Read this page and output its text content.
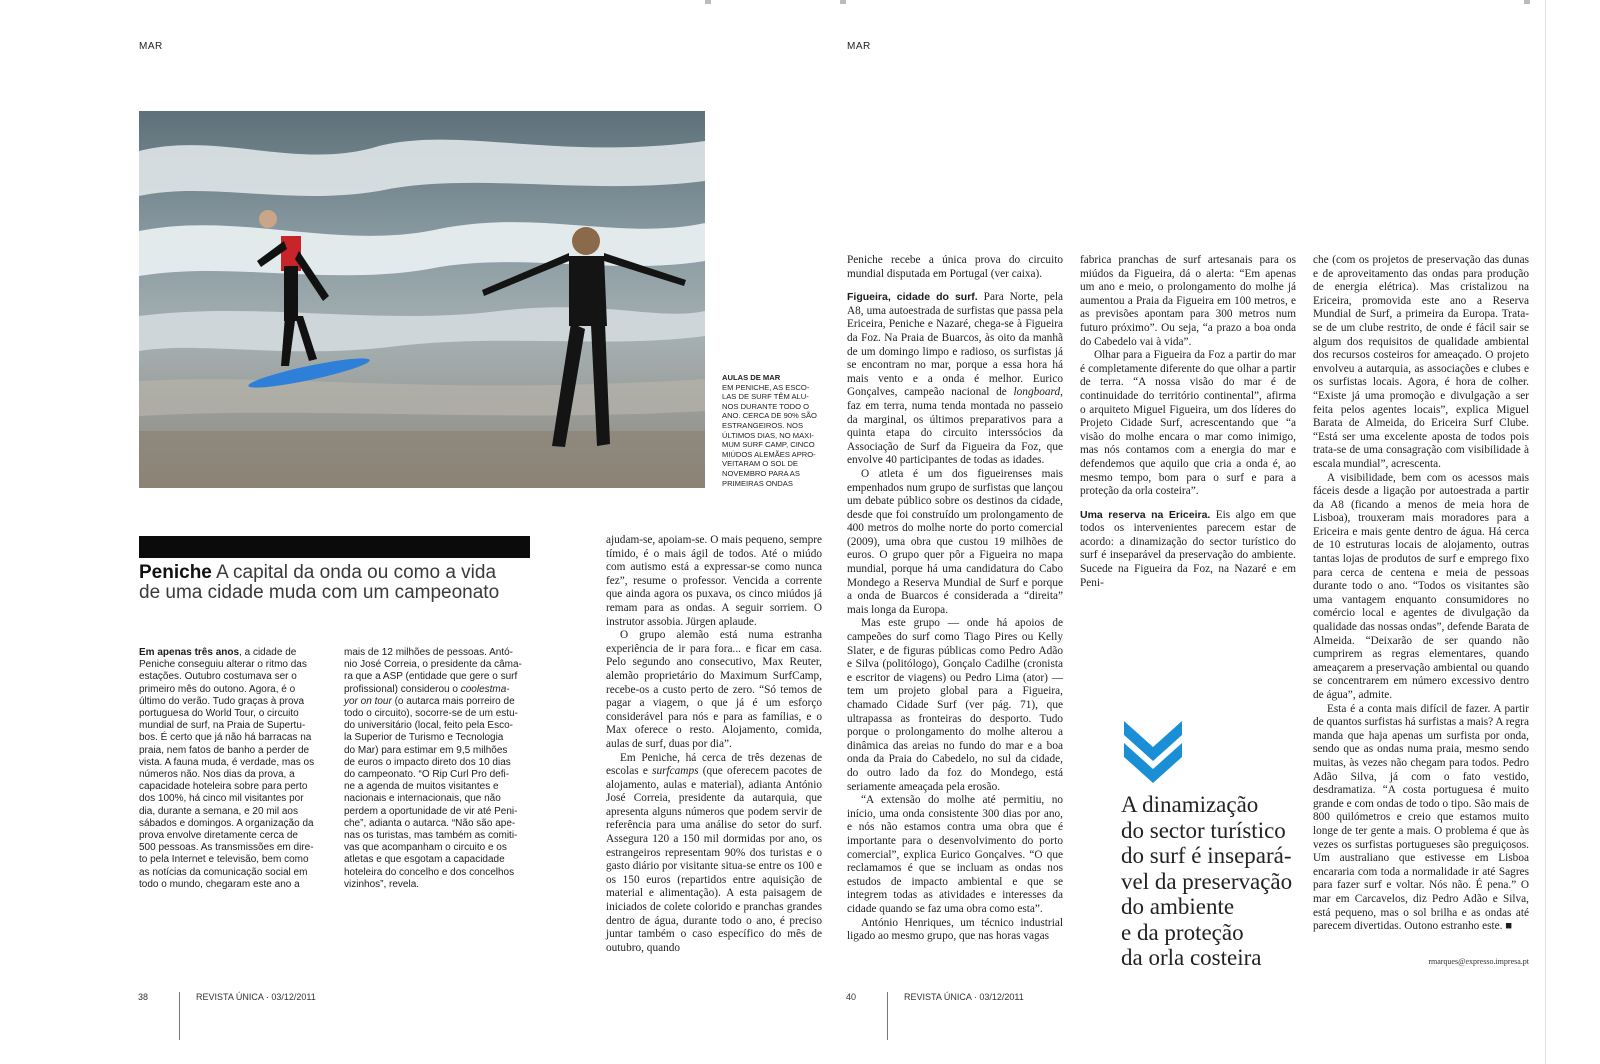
MAR
AULAS DE MAR
EM PENICHE, AS ESCO-
LAS DE SURF TÊM ALU-
NOS DURANTE TODO O
ANO. CERCA DE 90% SÃO
ESTRANGEIROS. NOS
ÚLTIMOS DIAS, NO MAXI-
MUM SURF CAMP, CINCO
MIÚDOS ALEMÃES APRO-
VEITARAM O SOL DE
NOVEMBRO PARA AS
PRIMEIRAS ONDAS
Peniche A capital da onda ou como a vida
de uma cidade muda com um campeonato
Em apenas três anos, a cidade de
Peniche conseguiu alterar o ritmo das
estações. Outubro costumava ser o
primeiro mês do outono. Agora, é o
último do verão. Tudo graças à prova
portuguesa do World Tour, o circuito
mundial de surf, na Praia de Supertu-
bos. É certo que já não há barracas na
praia, nem fatos de banho a perder de
vista. A fauna muda, é verdade, mas os
números não. Nos dias da prova, a
capacidade hoteleira sobre para perto
dos 100%, há cinco mil visitantes por
dia, durante a semana, e 20 mil aos
sábados e domingos. A organização da
prova envolve diretamente cerca de
500 pessoas. As transmissões em dire-
to pela Internet e televisão, bem como
as notícias da comunicação social em
todo o mundo, chegaram este ano a
mais de 12 milhões de pessoas. Antó-
nio José Correia, o presidente da câma-
ra que a ASP (entidade que gere o surf
profissional) considerou o coolestma-
yor on tour (o autarca mais porreiro de
todo o circuito), socorre-se de um estu-
do universitário (local, feito pela Esco-
la Superior de Turismo e Tecnologia
do Mar) para estimar em 9,5 milhões
de euros o impacto direto dos 10 dias
do campeonato. “O Rip Curl Pro defi-
ne a agenda de muitos visitantes e
nacionais e internacionais, que não
perdem a oportunidade de vir até Peni-
che”, adianta o autarca. “Não são ape-
nas os turistas, mas também as comiti-
vas que acompanham o circuito e os
atletas e que esgotam a capacidade
hoteleira do concelho e dos concelhos
vizinhos”, revela.

ajudam-se, apoiam-se. O mais pequeno, sempre tímido, é o mais ágil de todos. Até o miúdo com autismo está a expressar-se como nunca fez”, resume o professor. Vencida a corrente que ainda agora os puxava, os cinco miúdos já remam para as ondas. A seguir sorriem. O instrutor assobia. Jürgen aplaude.

O grupo alemão está numa estranha experiência de ir para fora... e ficar em casa. Pelo segundo ano consecutivo, Max Reuter, alemão proprietário do Maximum SurfCamp, recebe-os a custo perto de zero. “Só temos de pagar a viagem, o que já é um esforço considerável para nós e para as famílias, e o Max oferece o resto. Alojamento, comida, aulas de surf, duas por dia”.

Em Peniche, há cerca de três dezenas de escolas e surfcamps (que oferecem pacotes de alojamento, aulas e material), adianta António José Correia, presidente da autarquia, que apresenta alguns números que podem servir de referência para uma análise do setor do surf. Assegura 120 a 150 mil dormidas por ano, os estrangeiros representam 90% dos turistas e o gasto diário por visitante situa-se entre os 100 e os 150 euros (repartidos entre aquisição de material e alimentação). A esta paisagem de iniciados de colete colorido e pranchas grandes dentro de água, durante todo o ano, é preciso juntar também o caso específico do mês de outubro, quando

38	REVISTA ÚNICA · 03/12/2011
MAR

Peniche recebe a única prova do circuito mundial disputada em Portugal (ver caixa).

Figueira, cidade do surf. Para Norte, pela A8, uma autoestrada de surfistas que passa pela Ericeira, Peniche e Nazaré, chega-se à Figueira da Foz. Na Praia de Buarcos, às oito da manhã de um domingo limpo e radioso, os surfistas já se encontram no mar, porque a essa hora há mais vento e a onda é melhor. Eurico Gonçalves, campeão nacional de longboard, faz em terra, numa tenda montada no passeio da marginal, os últimos preparativos para a quinta etapa do circuito interssócios da Associação de Surf da Figueira da Foz, que envolve 40 participantes de todas as idades.

O atleta é um dos figueirenses mais empenhados num grupo de surfistas que lançou um debate público sobre os destinos da cidade, desde que foi construído um prolongamento de 400 metros do molhe norte do porto comercial (2009), uma obra que custou 19 milhões de euros. O grupo quer pôr a Figueira no mapa mundial, porque há uma candidatura do Cabo Mondego a Reserva Mundial de Surf e porque a onda de Buarcos é considerada a “direita” mais longa da Europa.

Mas este grupo — onde há apoios de campeões do surf como Tiago Pires ou Kelly Slater, e de figuras públicas como Pedro Adão e Silva (politólogo), Gonçalo Cadilhe (cronista e escritor de viagens) ou Pedro Lima (ator) — tem um projeto global para a Figueira, chamado Cidade Surf (ver pág. 71), que ultrapassa as fronteiras do desporto. Tudo porque o prolongamento do molhe alterou a dinâmica das areias no fundo do mar e a boa onda da Praia do Cabedelo, no sul da cidade, do outro lado da foz do Mondego, está seriamente ameaçada pela erosão.

“A extensão do molhe até permitiu, no início, uma onda consistente 300 dias por ano, e nós não estamos contra uma obra que é importante para o desenvolvimento do porto comercial”, explica Eurico Gonçalves. “O que reclamamos é que se incluam as ondas nos estudos de impacto ambiental e que se integrem todas as atividades e interesses da cidade quando se faz uma obra como esta”.

António Henriques, um técnico industrial ligado ao mesmo grupo, que nas horas vagas

fabrica pranchas de surf artesanais para os miúdos da Figueira, dá o alerta: “Em apenas um ano e meio, o prolongamento do molhe já aumentou a Praia da Figueira em 100 metros, e as previsões apontam para 300 metros num futuro próximo”. Ou seja, “a prazo a boa onda do Cabedelo vai à vida”.

Olhar para a Figueira da Foz a partir do mar é completamente diferente do que olhar a partir de terra. “A nossa visão do mar é de continuidade do território continental”, afirma o arquiteto Miguel Figueira, um dos líderes do Projeto Cidade Surf, acrescentando que “a visão do molhe encara o mar como inimigo, mas nós contamos com a energia do mar e defendemos que aquilo que cria a onda é, ao mesmo tempo, bom para o surf e para a proteção da orla costeira”.

Uma reserva na Ericeira. Eis algo em que todos os intervenientes parecem estar de acordo: a dinamização do sector turístico do surf é inseparável da preservação do ambiente. Sucede na Figueira da Foz, na Nazaré e em Peni-

A dinamização
do sector turístico
do surf é insepará-
vel da preservação
do ambiente
e da proteção
da orla costeira

che (com os projetos de preservação das dunas e de aproveitamento das ondas para produção de energia elétrica). Mas cristalizou na Ericeira, promovida este ano a Reserva Mundial de Surf, a primeira da Europa. Trata-se de um clube restrito, de onde é fácil sair se algum dos requisitos de qualidade ambiental dos recursos costeiros for ameaçado. O projeto envolveu a autarquia, as associações e clubes e os surfistas locais. Agora, é hora de colher. “Existe já uma promoção e divulgação a ser feita pelos agentes locais”, explica Miguel Barata de Almeida, do Ericeira Surf Clube. “Está ser uma excelente aposta de todos pois trata-se de uma consagração com visibilidade à escala mundial”, acrescenta.

A visibilidade, bem com os acessos mais fáceis desde a ligação por autoestrada a partir da A8 (ficando a menos de meia hora de Lisboa), trouxeram mais moradores para a Ericeira e mais gente dentro de água. Há cerca de 10 estruturas locais de alojamento, outras tantas lojas de produtos de surf e emprego fixo para cerca de centena e meia de pessoas durante todo o ano. “Todos os visitantes são uma vantagem enquanto consumidores no comércio local e agentes de divulgação da qualidade das nossas ondas”, defende Barata de Almeida. “Deixarão de ser quando não cumprirem as regras elementares, quando ameaçarem a preservação ambiental ou quando se concentrarem em número excessivo dentro de água”, admite.

Esta é a conta mais difícil de fazer. A partir de quantos surfistas há surfistas a mais? A regra manda que haja apenas um surfista por onda, sendo que as ondas numa praia, mesmo sendo muitas, às vezes não chegam para todos. Pedro Adão Silva, já com o fato vestido, desdramatiza. “A costa portuguesa é muito grande e com ondas de todo o tipo. São mais de 800 quilómetros e creio que estamos muito longe de ter gente a mais. O problema é que às vezes os surfistas portugueses são preguiçosos. Um australiano que estivesse em Lisboa encararia com toda a normalidade ir até Sagres para fazer surf e voltar. Nós não. É pena.” O mar em Carcavelos, diz Pedro Adão e Silva, está pequeno, mas o sol brilha e as ondas até parecem divertidas. Outono estranho este. ■

rmarques@expresso.impresa.pt
40	REVISTA ÚNICA · 03/12/2011
